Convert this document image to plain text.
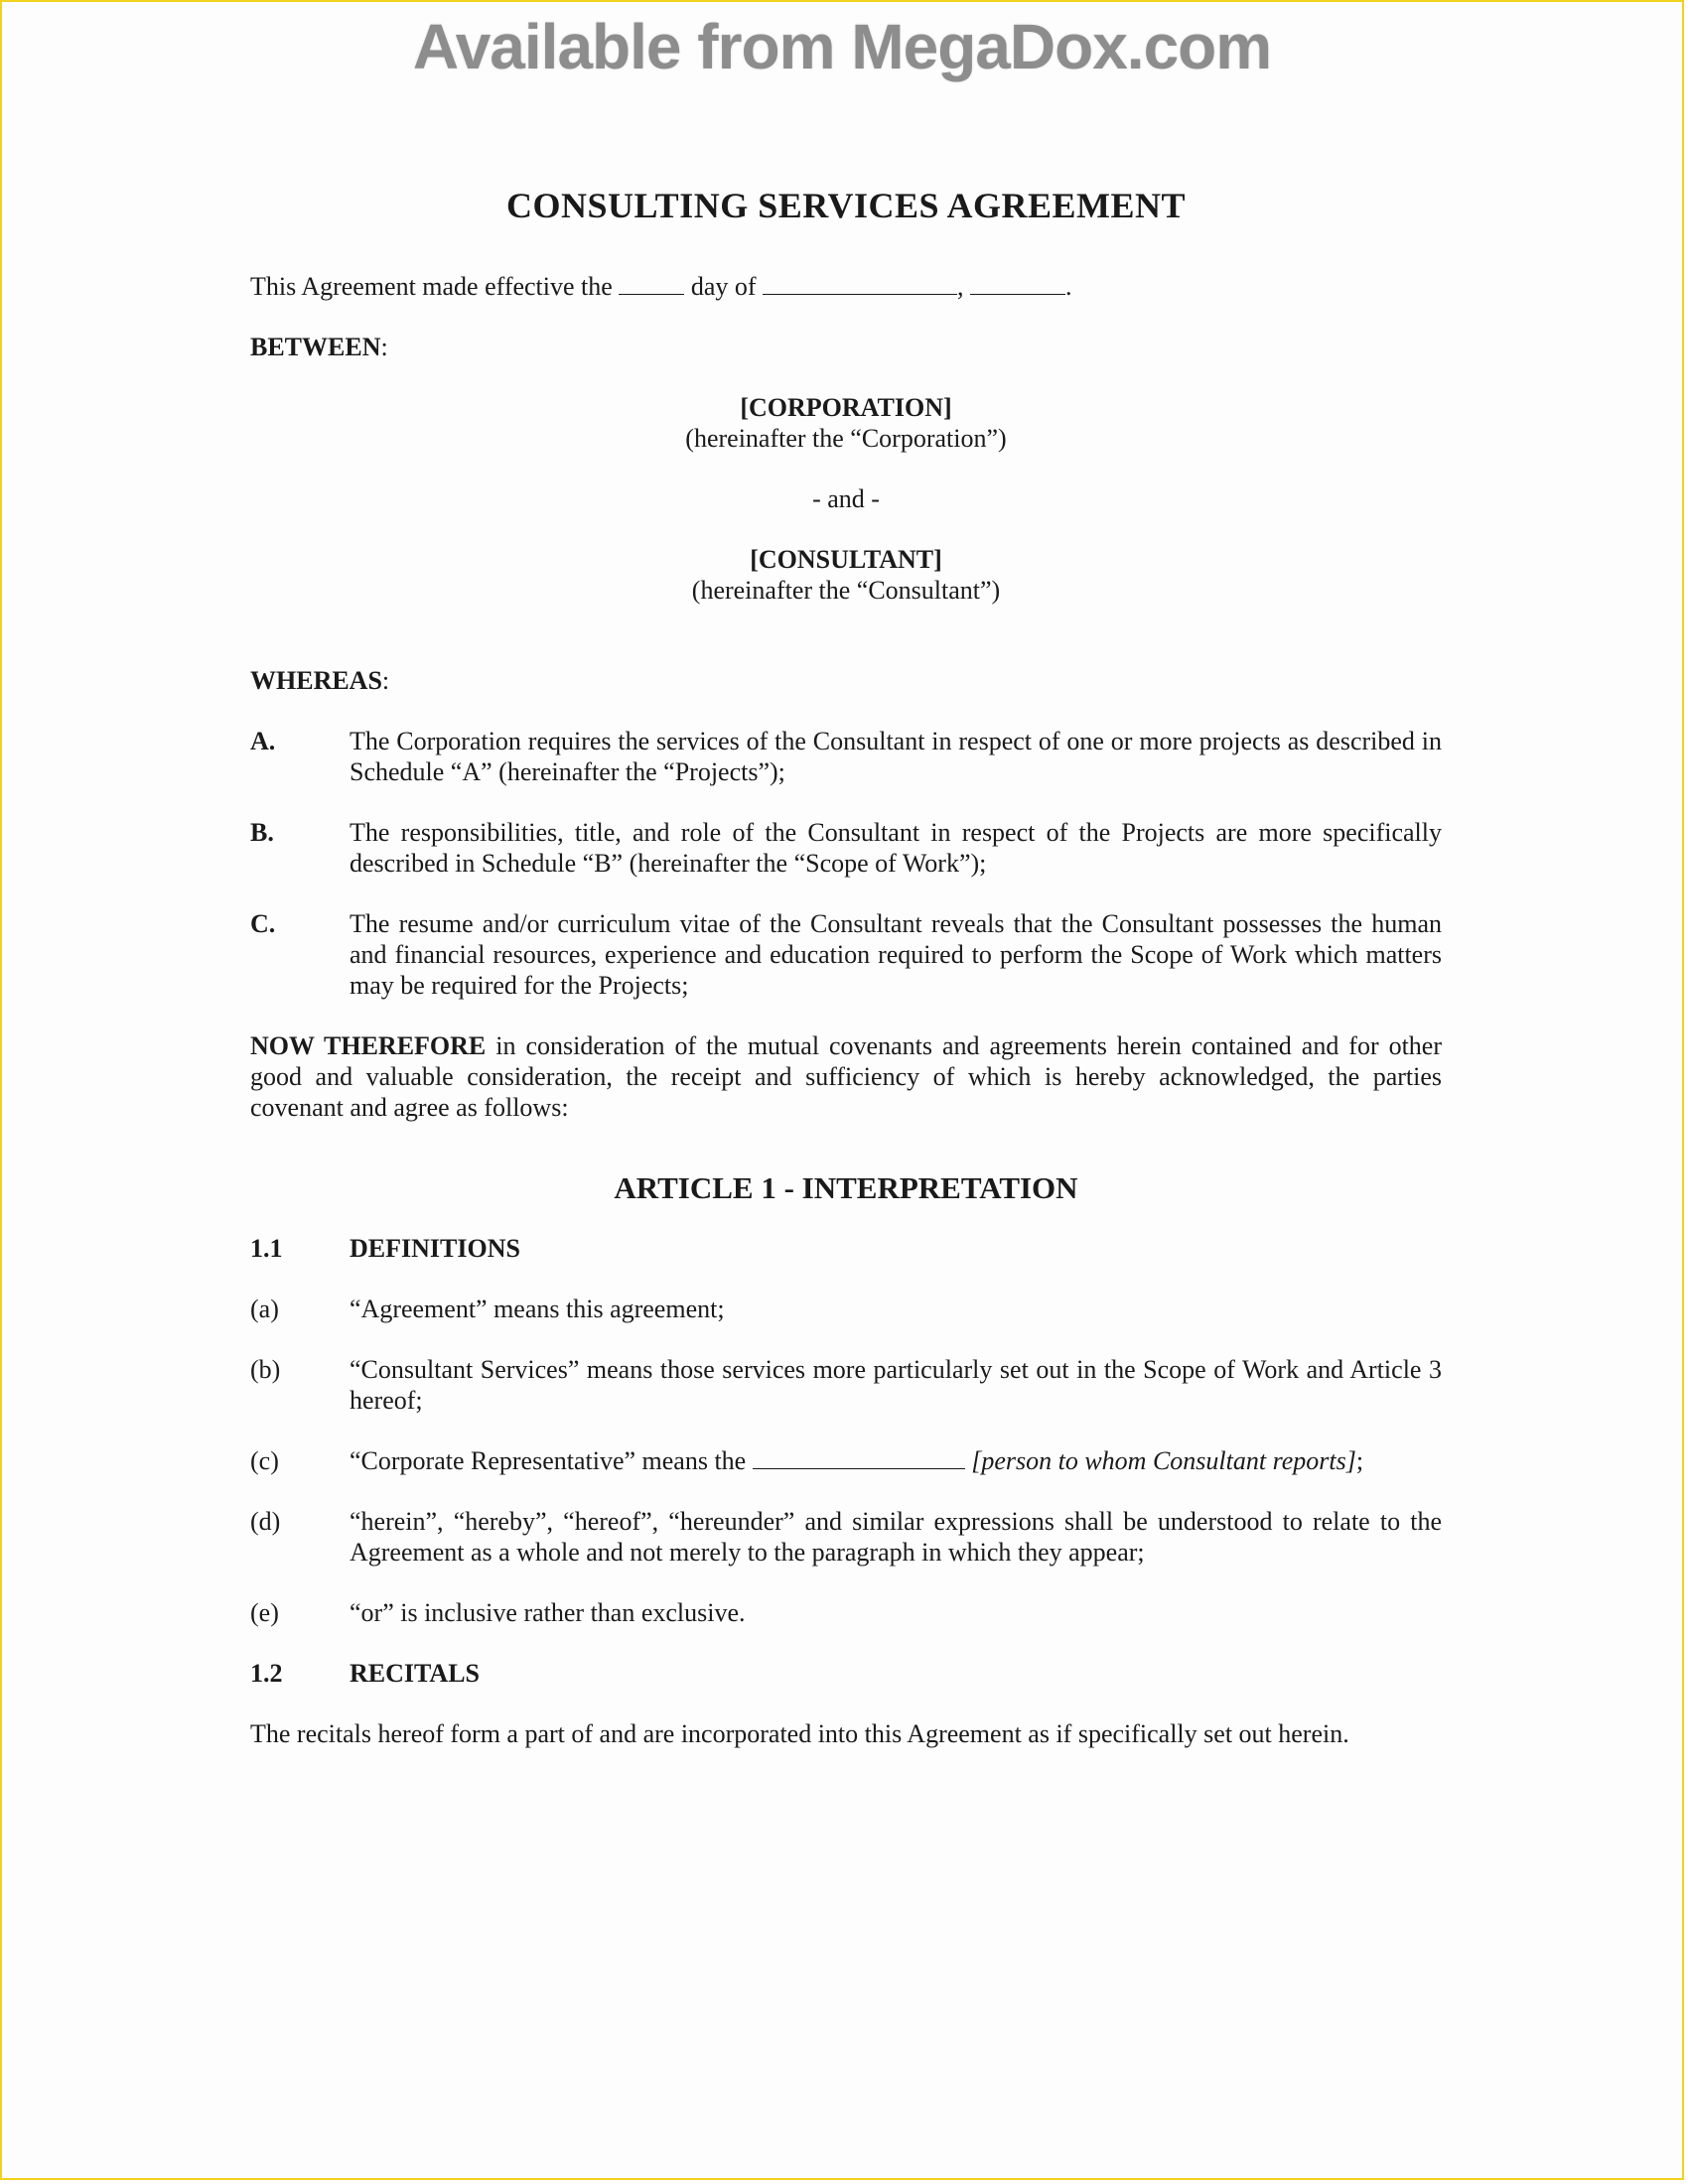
Available from MegaDox.com

CONSULTING SERVICES AGREEMENT

This Agreement made effective the	day of	,	.

BETWEEN:

[CORPORATION]
(hereinafter the “Corporation”)
- and -
[CONSULTANT]
(hereinafter the “Consultant”)

WHEREAS:

A.	The Corporation requires the services of the Consultant in respect of one or more projects as described in Schedule “A” (hereinafter the “Projects”);
B.	The responsibilities, title, and role of the Consultant in respect of the Projects are more specifically described in Schedule “B” (hereinafter the “Scope of Work”);
C.	The resume and/or curriculum vitae of the Consultant reveals that the Consultant possesses the human and financial resources, experience and education required to perform the Scope of Work which matters may be required for the Projects;

NOW THEREFORE in consideration of the mutual covenants and agreements herein contained and for other good and valuable consideration, the receipt and sufficiency of which is hereby acknowledged, the parties covenant and agree as follows:

ARTICLE 1 - INTERPRETATION
1.1	DEFINITIONS
(a)	“Agreement” means this agreement;
(b)	“Consultant Services” means those services more particularly set out in the Scope of Work and Article 3 hereof;
(c)	“Corporate Representative” means the	[person to whom Consultant reports];
(d)	“herein”, “hereby”, “hereof”, “hereunder” and similar expressions shall be understood to relate to the Agreement as a whole and not merely to the paragraph in which they appear;
(e)	“or” is inclusive rather than exclusive.
1.2	RECITALS

The recitals hereof form a part of and are incorporated into this Agreement as if specifically set out herein.
